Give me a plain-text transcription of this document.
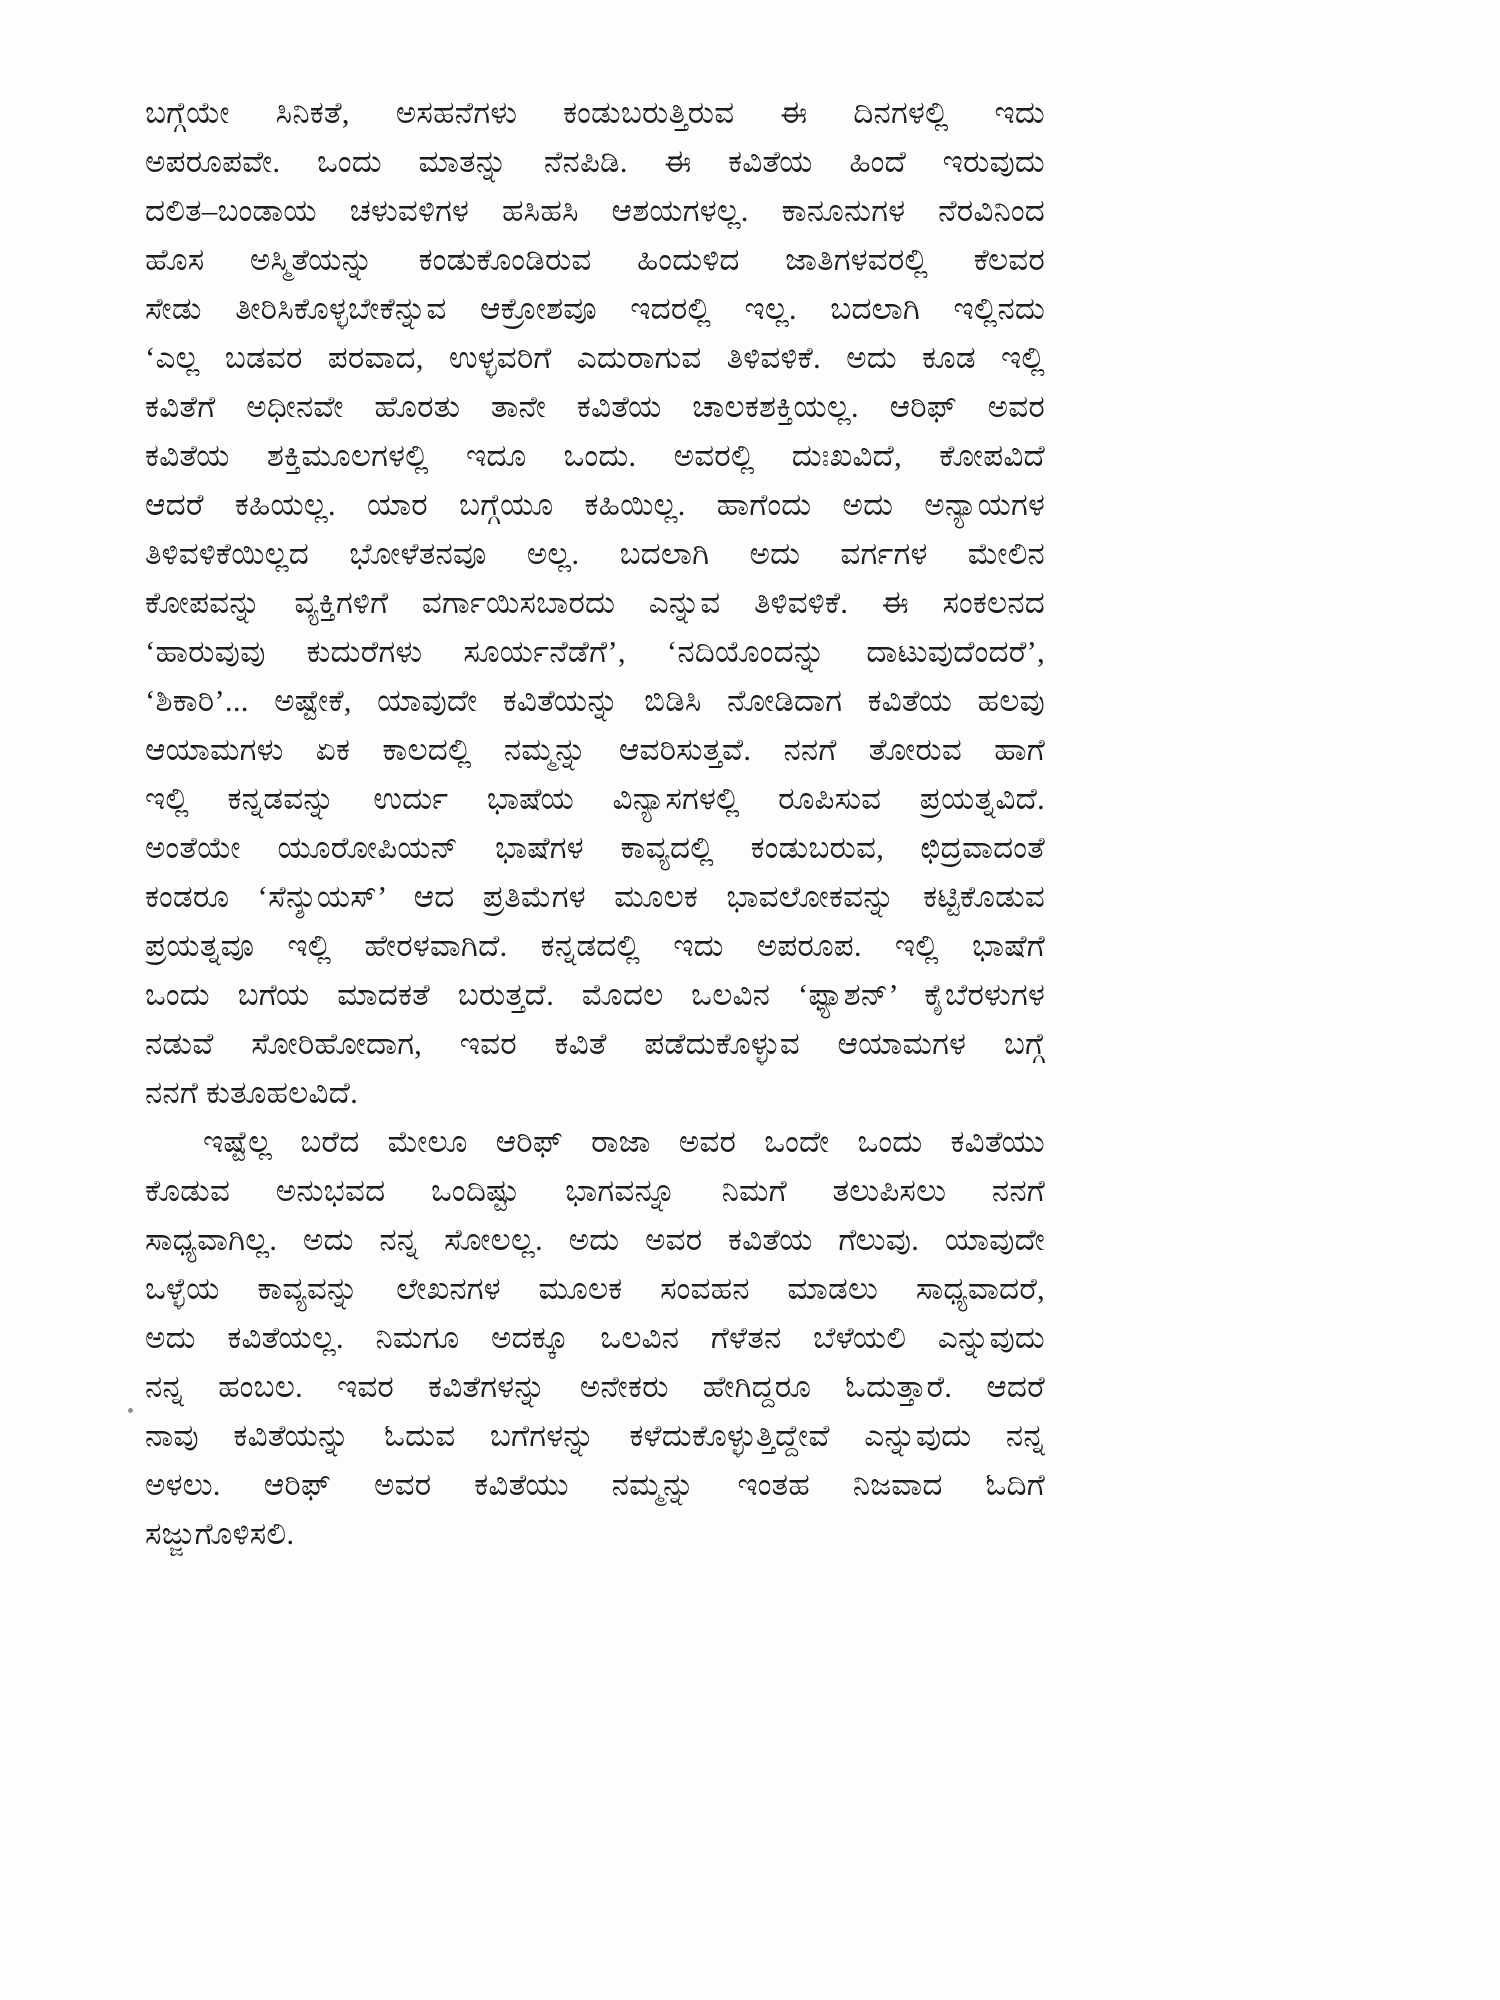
ಬಗ್ಗೆಯೇ ಸಿನಿಕತೆ, ಅಸಹನೆಗಳು ಕಂಡುಬರುತ್ತಿರುವ ಈ ದಿನಗಳಲ್ಲಿ ಇದು
ಅಪರೂಪವೇ. ಒಂದು ಮಾತನ್ನು ನೆನಪಿಡಿ. ಈ ಕವಿತೆಯ ಹಿಂದೆ ಇರುವುದು
ದಲಿತ–ಬಂಡಾಯ ಚಳುವಳಿಗಳ ಹಸಿಹಸಿ ಆಶಯಗಳಲ್ಲ. ಕಾನೂನುಗಳ ನೆರವಿನಿಂದ
ಹೊಸ ಅಸ್ಮಿತೆಯನ್ನು ಕಂಡುಕೊಂಡಿರುವ ಹಿಂದುಳಿದ ಜಾತಿಗಳವರಲ್ಲಿ ಕೆಲವರ
ಸೇಡು ತೀರಿಸಿಕೊಳ್ಳಬೇಕೆನ್ನುವ ಆಕ್ರೋಶವೂ ಇದರಲ್ಲಿ ಇಲ್ಲ. ಬದಲಾಗಿ ಇಲ್ಲಿನದು
‘ಎಲ್ಲ ಬಡವರ ಪರವಾದ, ಉಳ್ಳವರಿಗೆ ಎದುರಾಗುವ ತಿಳಿವಳಿಕೆ. ಅದು ಕೂಡ ಇಲ್ಲಿ
ಕವಿತೆಗೆ ಅಧೀನವೇ ಹೊರತು ತಾನೇ ಕವಿತೆಯ ಚಾಲಕಶಕ್ತಿಯಲ್ಲ. ಆರಿಫ್ ಅವರ
ಕವಿತೆಯ ಶಕ್ತಿಮೂಲಗಳಲ್ಲಿ ಇದೂ ಒಂದು. ಅವರಲ್ಲಿ ದುಃಖವಿದೆ, ಕೋಪವಿದೆ
ಆದರೆ ಕಹಿಯಲ್ಲ. ಯಾರ ಬಗ್ಗೆಯೂ ಕಹಿಯಿಲ್ಲ. ಹಾಗೆಂದು ಅದು ಅನ್ಯಾಯಗಳ
ತಿಳಿವಳಿಕೆಯಿಲ್ಲದ ಭೋಳೆತನವೂ ಅಲ್ಲ. ಬದಲಾಗಿ ಅದು ವರ್ಗಗಳ ಮೇಲಿನ
ಕೋಪವನ್ನು ವ್ಯಕ್ತಿಗಳಿಗೆ ವರ್ಗಾಯಿಸಬಾರದು ಎನ್ನುವ ತಿಳಿವಳಿಕೆ. ಈ ಸಂಕಲನದ
‘ಹಾರುವುವು ಕುದುರೆಗಳು ಸೂರ್ಯನೆಡೆಗೆ’, ‘ನದಿಯೊಂದನ್ನು ದಾಟುವುದೆಂದರೆ’,
‘ಶಿಕಾರಿ’... ಅಷ್ಟೇಕೆ, ಯಾವುದೇ ಕವಿತೆಯನ್ನು ಬಿಡಿಸಿ ನೋಡಿದಾಗ ಕವಿತೆಯ ಹಲವು
ಆಯಾಮಗಳು ಏಕ ಕಾಲದಲ್ಲಿ ನಮ್ಮನ್ನು ಆವರಿಸುತ್ತವೆ. ನನಗೆ ತೋರುವ ಹಾಗೆ
ಇಲ್ಲಿ ಕನ್ನಡವನ್ನು ಉರ್ದು ಭಾಷೆಯ ವಿನ್ಯಾಸಗಳಲ್ಲಿ ರೂಪಿಸುವ ಪ್ರಯತ್ನವಿದೆ.
ಅಂತೆಯೇ ಯೂರೋಪಿಯನ್ ಭಾಷೆಗಳ ಕಾವ್ಯದಲ್ಲಿ ಕಂಡುಬರುವ, ಛಿದ್ರವಾದಂತೆ
ಕಂಡರೂ ‘ಸೆನ್ಶುಯಸ್’ ಆದ ಪ್ರತಿಮೆಗಳ ಮೂಲಕ ಭಾವಲೋಕವನ್ನು ಕಟ್ಟಿಕೊಡುವ
ಪ್ರಯತ್ನವೂ ಇಲ್ಲಿ ಹೇರಳವಾಗಿದೆ. ಕನ್ನಡದಲ್ಲಿ ಇದು ಅಪರೂಪ. ಇಲ್ಲಿ ಭಾಷೆಗೆ
ಒಂದು ಬಗೆಯ ಮಾದಕತೆ ಬರುತ್ತದೆ. ಮೊದಲ ಒಲವಿನ ‘ಫ್ಯಾಶನ್’ ಕೈಬೆರಳುಗಳ
ನಡುವೆ ಸೋರಿಹೋದಾಗ, ಇವರ ಕವಿತೆ ಪಡೆದುಕೊಳ್ಳುವ ಆಯಾಮಗಳ ಬಗ್ಗೆ
ನನಗೆ ಕುತೂಹಲವಿದೆ.
ಇಷ್ಟೆಲ್ಲ ಬರೆದ ಮೇಲೂ ಆರಿಫ್ ರಾಜಾ ಅವರ ಒಂದೇ ಒಂದು ಕವಿತೆಯು
ಕೊಡುವ ಅನುಭವದ ಒಂದಿಷ್ಟು ಭಾಗವನ್ನೂ ನಿಮಗೆ ತಲುಪಿಸಲು ನನಗೆ
ಸಾಧ್ಯವಾಗಿಲ್ಲ. ಅದು ನನ್ನ ಸೋಲಲ್ಲ. ಅದು ಅವರ ಕವಿತೆಯ ಗೆಲುವು. ಯಾವುದೇ
ಒಳ್ಳೆಯ ಕಾವ್ಯವನ್ನು ಲೇಖನಗಳ ಮೂಲಕ ಸಂವಹನ ಮಾಡಲು ಸಾಧ್ಯವಾದರೆ,
ಅದು ಕವಿತೆಯಲ್ಲ. ನಿಮಗೂ ಅದಕ್ಕೂ ಒಲವಿನ ಗೆಳೆತನ ಬೆಳೆಯಲಿ ಎನ್ನುವುದು
ನನ್ನ ಹಂಬಲ. ಇವರ ಕವಿತೆಗಳನ್ನು ಅನೇಕರು ಹೇಗಿದ್ದರೂ ಓದುತ್ತಾರೆ. ಆದರೆ
ನಾವು ಕವಿತೆಯನ್ನು ಓದುವ ಬಗೆಗಳನ್ನು ಕಳೆದುಕೊಳ್ಳುತ್ತಿದ್ದೇವೆ ಎನ್ನುವುದು ನನ್ನ
ಅಳಲು. ಆರಿಫ್ ಅವರ ಕವಿತೆಯು ನಮ್ಮನ್ನು ಇಂತಹ ನಿಜವಾದ ಓದಿಗೆ
ಸಜ್ಜುಗೊಳಿಸಲಿ.
